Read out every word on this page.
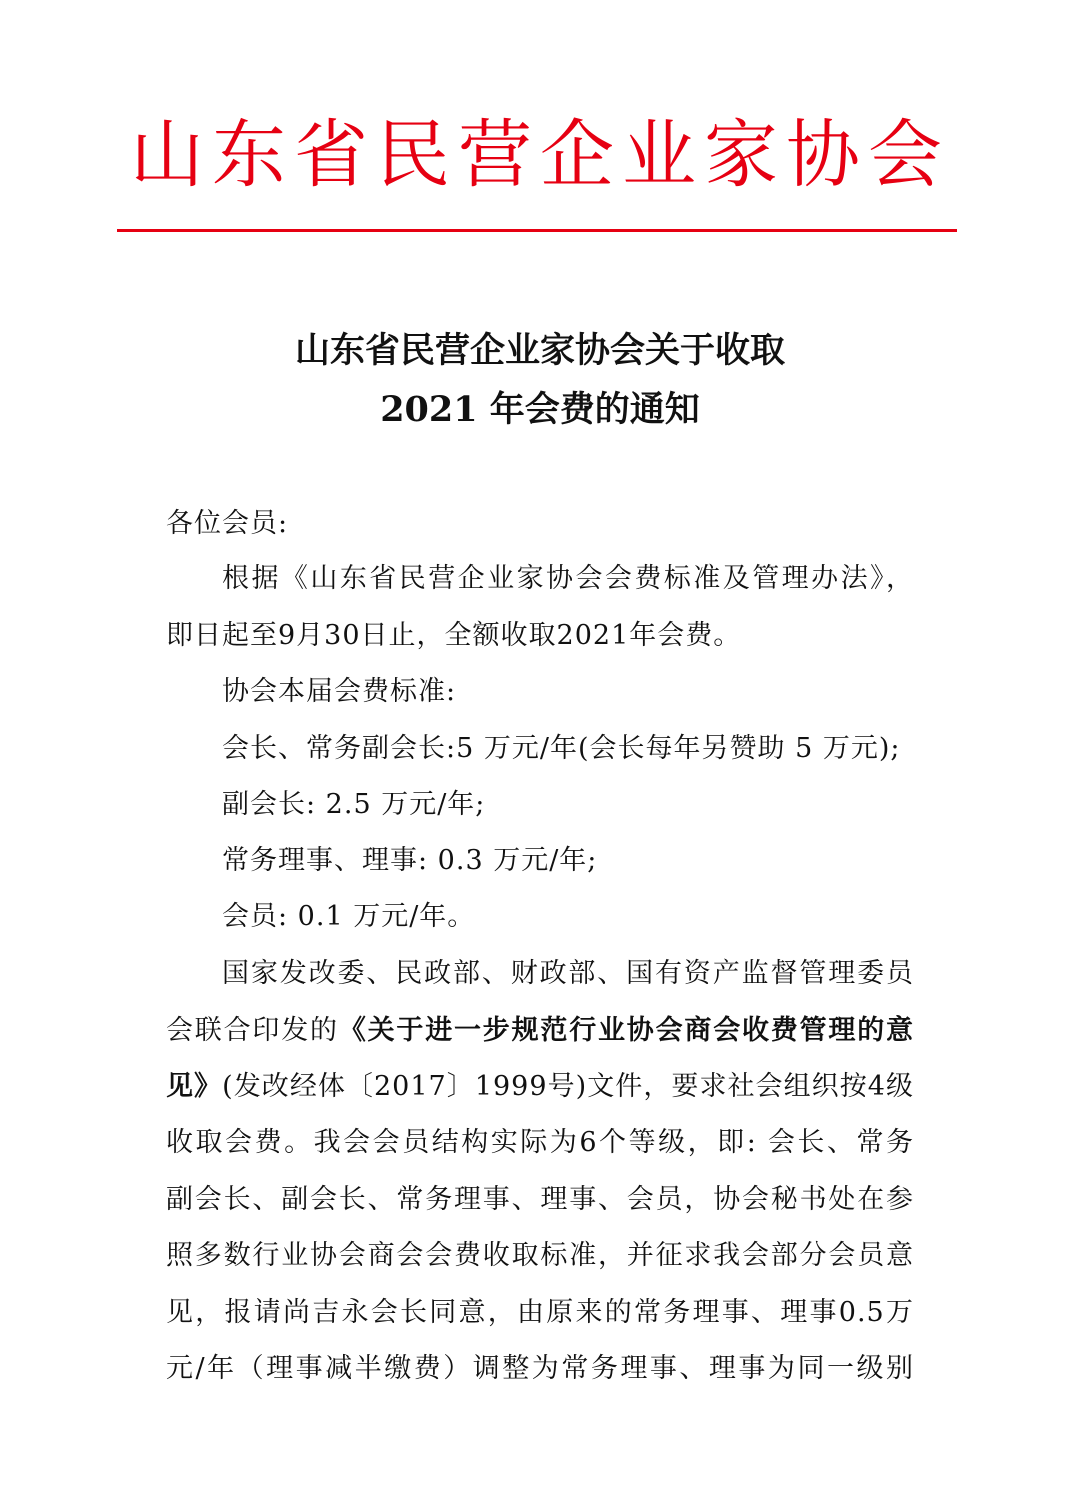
山东省民营企业家协会
山东省民营企业家协会关于收取
2021 年会费的通知
各位会员:
根据《山东省民营企业家协会会费标准及管理办法》，
即日起至9月30日止，全额收取2021年会费。
协会本届会费标准:
会长、常务副会长:5 万元/年(会长每年另赞助 5 万元);
副会长: 2.5 万元/年;
常务理事、理事: 0.3 万元/年;
会员: 0.1 万元/年。
国家发改委、民政部、财政部、国有资产监督管理委员
会联合印发的《关于进一步规范行业协会商会收费管理的意
见》(发改经体〔2017〕1999号)文件，要求社会组织按4级
收取会费。我会会员结构实际为6个等级，即: 会长、常务
副会长、副会长、常务理事、理事、会员，协会秘书处在参
照多数行业协会商会会费收取标准，并征求我会部分会员意
见，报请尚吉永会长同意，由原来的常务理事、理事0.5万
元/年（理事减半缴费）调整为常务理事、理事为同一级别
